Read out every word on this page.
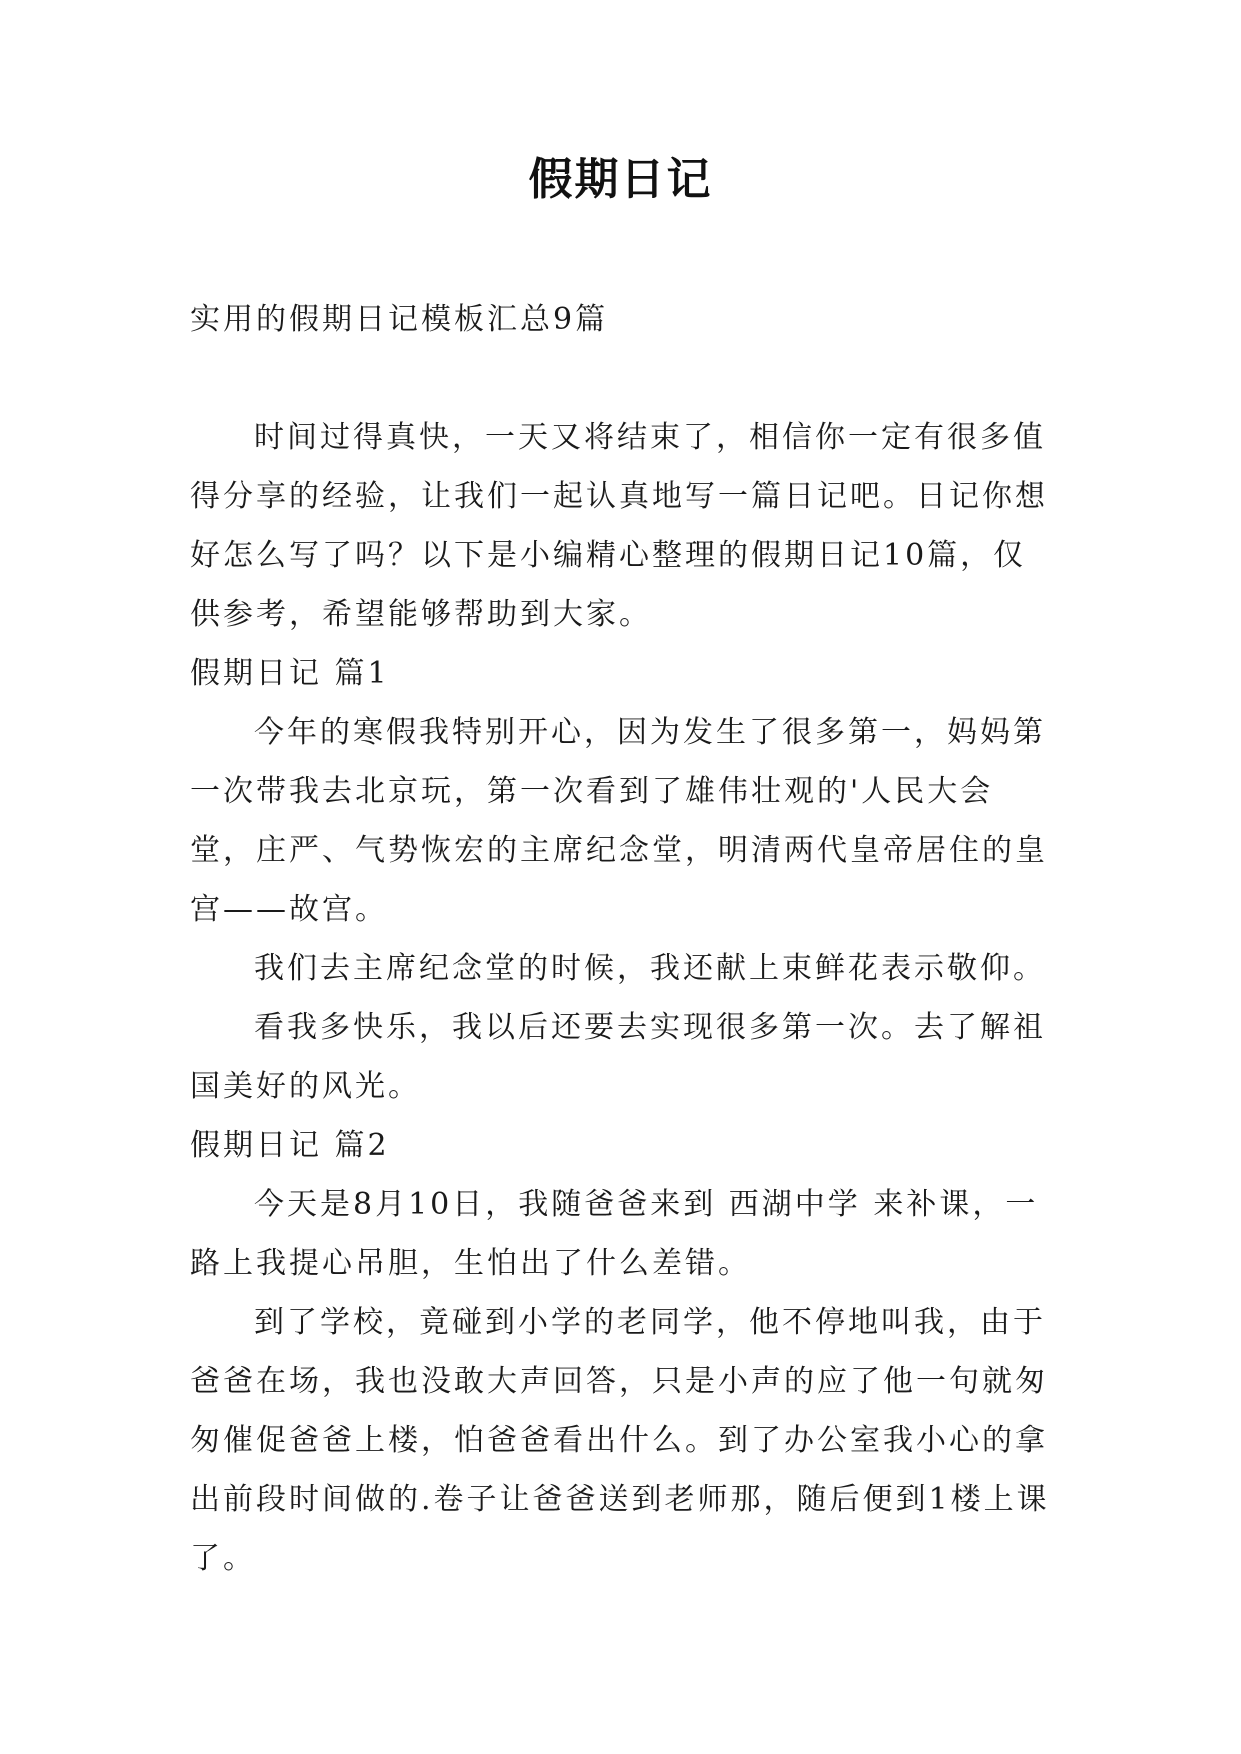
假期日记

实用的假期日记模板汇总9篇

时间过得真快，一天又将结束了，相信你一定有很多值得分享的经验，让我们一起认真地写一篇日记吧。日记你想好怎么写了吗？以下是小编精心整理的假期日记10篇，仅供参考，希望能够帮助到大家。

假期日记 篇1

今年的寒假我特别开心，因为发生了很多第一，妈妈第一次带我去北京玩，第一次看到了雄伟壮观的'人民大会堂，庄严、气势恢宏的主席纪念堂，明清两代皇帝居住的皇宫——故宫。

我们去主席纪念堂的时候，我还献上束鲜花表示敬仰。

看我多快乐，我以后还要去实现很多第一次。去了解祖国美好的风光。

假期日记 篇2

今天是8月10日，我随爸爸来到 西湖中学 来补课，一路上我提心吊胆，生怕出了什么差错。

到了学校，竟碰到小学的老同学，他不停地叫我，由于爸爸在场，我也没敢大声回答，只是小声的应了他一句就匆匆催促爸爸上楼，怕爸爸看出什么。到了办公室我小心的拿出前段时间做的.卷子让爸爸送到老师那，随后便到1楼上课了。
